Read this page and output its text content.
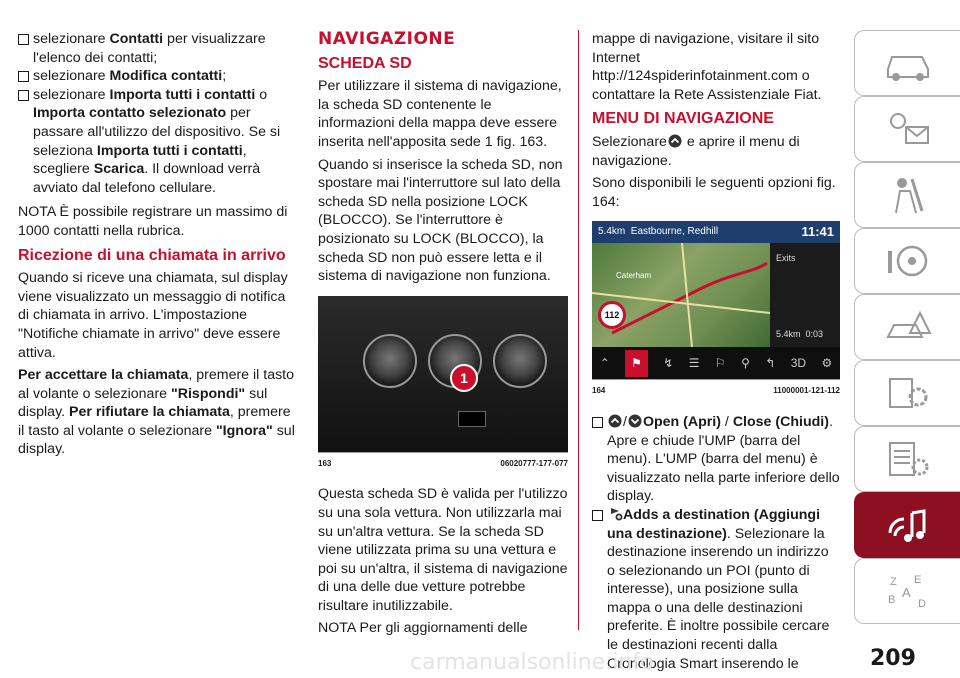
selezionare Contatti per visualizzare l'elenco dei contatti;
selezionare Modifica contatti;
selezionare Importa tutti i contatti o Importa contatto selezionato per passare all'utilizzo del dispositivo. Se si seleziona Importa tutti i contatti, scegliere Scarica. Il download verrà avviato dal telefono cellulare.

NOTA È possibile registrare un massimo di 1000 contatti nella rubrica.

Ricezione di una chiamata in arrivo

Quando si riceve una chiamata, sul display viene visualizzato un messaggio di notifica di chiamata in arrivo. L'impostazione "Notifiche chiamate in arrivo" deve essere attiva.

Per accettare la chiamata, premere il tasto al volante o selezionare "Rispondi" sul display. Per rifiutare la chiamata, premere il tasto al volante o selezionare "Ignora" sul display.

NAVIGAZIONE
SCHEDA SD

Per utilizzare il sistema di navigazione, la scheda SD contenente le informazioni della mappa deve essere inserita nell'apposita sede 1 fig. 163.

Quando si inserisce la scheda SD, non spostare mai l'interruttore sul lato della scheda SD nella posizione LOCK (BLOCCO). Se l'interruttore è posizionato su LOCK (BLOCCO), la scheda SD non può essere letta e il sistema di navigazione non funziona.

1
163	06020777-177-077

Questa scheda SD è valida per l'utilizzo su una sola vettura. Non utilizzarla mai su un'altra vettura. Se la scheda SD viene utilizzata prima su una vettura e poi su un'altra, il sistema di navigazione di una delle due vetture potrebbe risultare inutilizzabile.

NOTA Per gli aggiornamenti delle

mappe di navigazione, visitare il sito Internet http://124spiderinfotainment.com o contattare la Rete Assistenziale Fiat.

MENU DI NAVIGAZIONE

Selezionare e aprire il menu di navigazione.

Sono disponibili le seguenti opzioni fig. 164:

5.4km Eastbourne, Redhill	11:41
Caterham
112
Exits
5.4km 0:03
⌃	⚑	↯ ☰ ⚐ ⚲ ↰ 3D ⚙
164	11000001-121-112
/ Open (Apri) / Close (Chiudi). Apre e chiude l'UMP (barra del menu). L'UMP (barra del menu) è visualizzato nella parte inferiore dello display.
Adds a destination (Aggiungi una destinazione). Selezionare la destinazione inserendo un indirizzo o selezionando un POI (punto di interesse), una posizione sulla mappa o una delle destinazioni preferite. È inoltre possibile cercare le destinazioni recenti dalla Cronologia Smart inserendo le
Z E
A
B D
carmanualsonline.info	209
